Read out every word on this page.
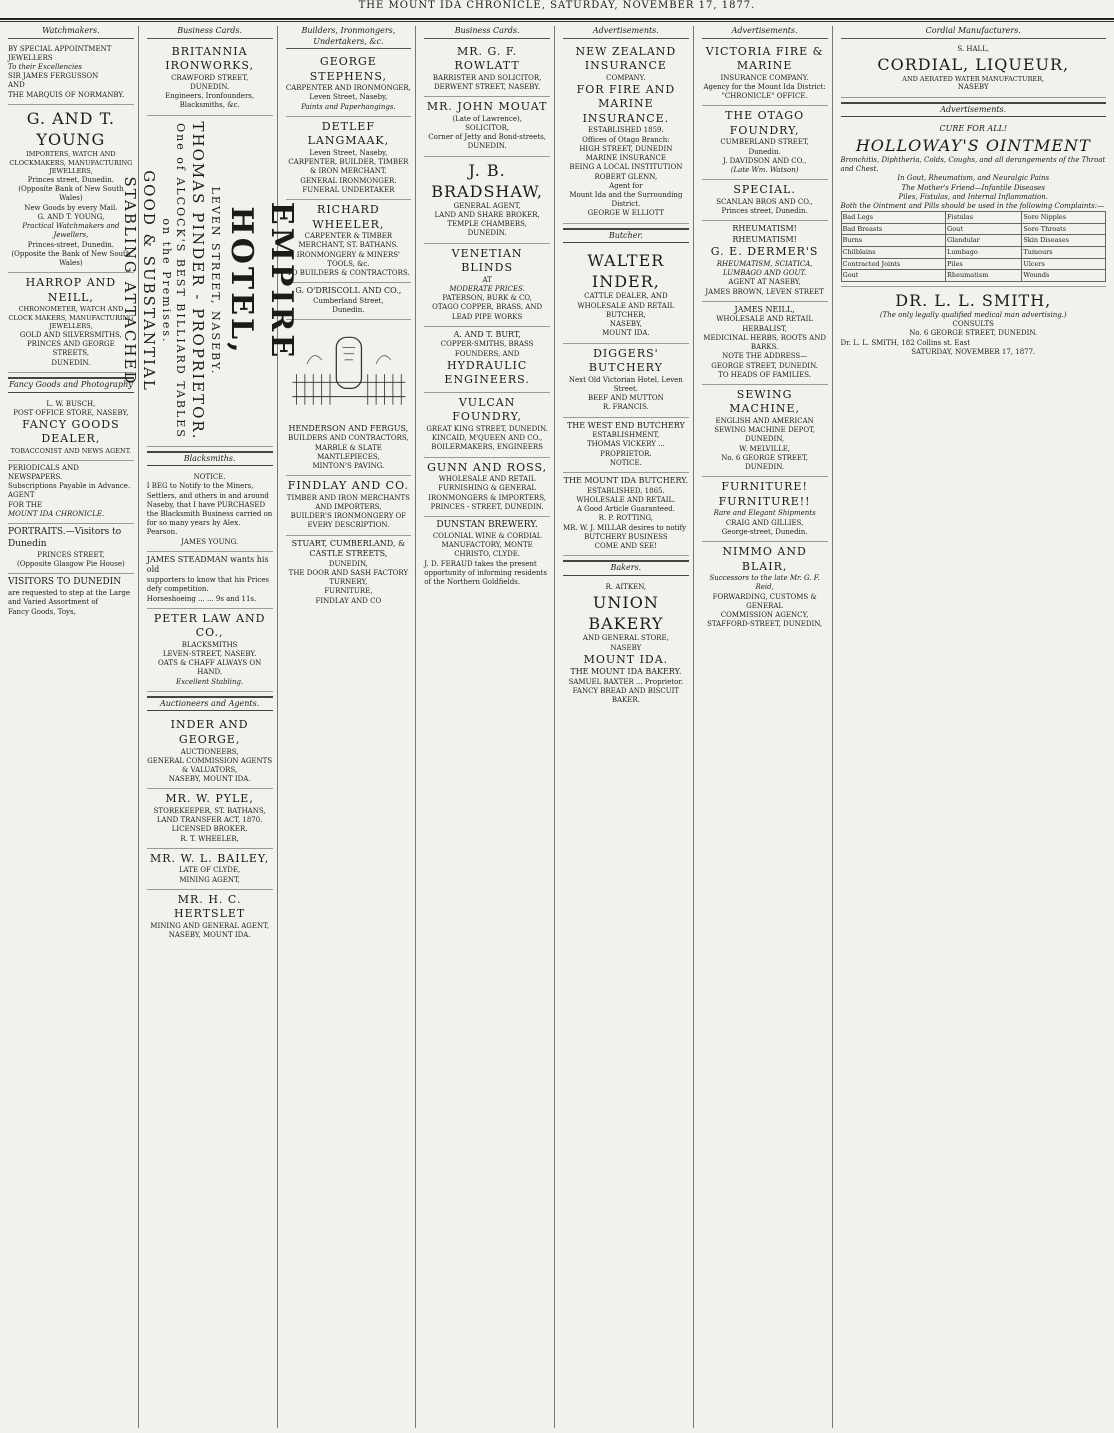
THE MOUNT IDA CHRONICLE, SATURDAY, NOVEMBER 17, 1877.
Watchmakers.
BY SPECIAL APPOINTMENT
JEWELLERS
To their Excellencies
SIR JAMES FERGUSSON
AND
THE MARQUIS OF NORMANBY.
G. AND T. YOUNG
IMPORTERS, WATCH AND CLOCKMAKERS, MANUFACTURING JEWELLERS,
Princes street, Dunedin.
(Opposite Bank of New South Wales)
New Goods by every Mail.
G. AND T. YOUNG,
Practical Watchmakers and Jewellers,
Princes-street, Dunedin.
(Opposite the Bank of New South Wales)
HARROP AND NEILL,
CHRONOMETER, WATCH AND CLOCK MAKERS, MANUFACTURING JEWELLERS,
GOLD AND SILVERSMITHS,
PRINCES AND GEORGE STREETS,
DUNEDIN.
Fancy Goods and Photography
L. W. BUSCH,
POST OFFICE STORE, NASEBY,
FANCY GOODS DEALER,
TOBACCONIST AND NEWS AGENT.
PERIODICALS AND NEWSPAPERS.
Subscriptions Payable in Advance.
AGENT
FOR THE
MOUNT IDA CHRONICLE.
PORTRAITS.—Visitors to Dunedin
PRINCES STREET,
(Opposite Glasgow Pie House)
VISITORS TO DUNEDIN
are requested to step at the Large and Varied Assortment of
Fancy Goods, Toys,
Business Cards.
BRITANNIA IRONWORKS,
CRAWFORD STREET,
DUNEDIN.
Engineers, Ironfounders, Blacksmiths, &c.
EMPIRE HOTEL,
LEVEN STREET, NASEBY.
THOMAS PINDER - PROPRIETOR.
One of ALCOCK'S BEST BILLIARD TABLES on the Premises.
GOOD & SUBSTANTIAL STABLING ATTACHED
Blacksmiths.
NOTICE.
I BEG to Notify to the Miners, Settlers, and others in and around Naseby, that I have PURCHASED the Blacksmith Business carried on for so many years by Alex. Pearson.
JAMES YOUNG.
JAMES STEADMAN wants his old
supporters to know that his Prices defy competition.
Horseshoeing ... ... 9s and 11s.
PETER LAW AND CO.,
BLACKSMITHS
LEVEN-STREET, NASEBY.
OATS & CHAFF ALWAYS ON HAND.
Excellent Stabling.
Auctioneers and Agents.
INDER AND GEORGE,
AUCTIONEERS,
GENERAL COMMISSION AGENTS & VALUATORS,
NASEBY, MOUNT IDA.
MR. W. PYLE,
STOREKEEPER, ST. BATHANS,
LAND TRANSFER ACT, 1870.
LICENSED BROKER.
R. T. WHEELER,
MR. W. L. BAILEY,
LATE OF CLYDE,
MINING AGENT,
MR. H. C. HERTSLET
MINING AND GENERAL AGENT,
NASEBY, MOUNT IDA.
Builders, Ironmongers, Undertakers, &c.
GEORGE STEPHENS,
CARPENTER AND IRONMONGER,
Leven Street, Naseby,
Paints and Paperhangings.
DETLEF LANGMAAK,
Leven Street, Naseby,
CARPENTER, BUILDER, TIMBER & IRON MERCHANT.
GENERAL IRONMONGER.
FUNERAL UNDERTAKER
RICHARD WHEELER,
CARPENTER & TIMBER MERCHANT, ST. BATHANS.
IRONMONGERY & MINERS' TOOLS, &c.
TO BUILDERS & CONTRACTORS.
G. O'DRISCOLL AND CO.,
Cumberland Street,
Dunedin.
HENDERSON AND FERGUS,
BUILDERS AND CONTRACTORS,
MARBLE & SLATE MANTLEPIECES,
MINTON'S PAVING.
FINDLAY AND CO.
TIMBER AND IRON MERCHANTS AND IMPORTERS,
BUILDER'S IRONMONGERY OF EVERY DESCRIPTION.
STUART, CUMBERLAND, & CASTLE STREETS,
DUNEDIN,
THE DOOR AND SASH FACTORY
TURNERY,
FURNITURE,
FINDLAY AND CO
Business Cards.
MR. G. F. ROWLATT
BARRISTER AND SOLICITOR,
DERWENT STREET, NASEBY.
MR. JOHN MOUAT
(Late of Lawrence),
SOLICITOR,
Corner of Jetty and Bond-streets,
DUNEDIN.
J. B. BRADSHAW,
GENERAL AGENT,
LAND AND SHARE BROKER,
TEMPLE CHAMBERS,
DUNEDIN.
VENETIAN BLINDS
AT
MODERATE PRICES.
PATERSON, BURK & CO,
OTAGO COPPER, BRASS, AND LEAD PIPE WORKS
A. AND T. BURT,
COPPER-SMITHS, BRASS FOUNDERS, AND
HYDRAULIC ENGINEERS.
VULCAN FOUNDRY,
GREAT KING STREET, DUNEDIN.
KINCAID, M'QUEEN AND CO.,
BOILERMAKERS, ENGINEERS
GUNN AND ROSS,
WHOLESALE AND RETAIL
FURNISHING & GENERAL IRONMONGERS & IMPORTERS,
PRINCES - STREET, DUNEDIN.
DUNSTAN BREWERY.
COLONIAL WINE & CORDIAL MANUFACTORY, MONTE CHRISTO, CLYDE.
J. D. FERAUD takes the present opportunity of informing residents of the Northern Goldfields.
Advertisements.
NEW ZEALAND INSURANCE
COMPANY.
FOR FIRE AND MARINE
INSURANCE.
ESTABLISHED 1859.
Offices of Otago Branch:
HIGH STREET, DUNEDIN
MARINE INSURANCE
BEING A LOCAL INSTITUTION
ROBERT GLENN,
Agent for
Mount Ida and the Surrounding District.
GEORGE W ELLIOTT
Butcher.
WALTER INDER,
CATTLE DEALER, AND WHOLESALE AND RETAIL BUTCHER,
NASEBY,
MOUNT IDA.
DIGGERS' BUTCHERY
Next Old Victorian Hotel, Leven Street.
BEEF AND MUTTON
R. FRANCIS.
THE WEST END BUTCHERY
ESTABLISHMENT,
THOMAS VICKERY ... PROPRIETOR.
NOTICE.
THE MOUNT IDA BUTCHERY.
ESTABLISHED, 1865.
WHOLESALE AND RETAIL.
A Good Article Guaranteed.
R. P. ROTTING,
MR. W. J. MILLAR desires to notify
BUTCHERY BUSINESS
COME AND SEE!
Bakers.
R. AITKEN,
UNION BAKERY
AND GENERAL STORE,
NASEBY
MOUNT IDA.
THE MOUNT IDA BAKERY.
SAMUEL BAXTER ... Proprietor.
FANCY BREAD AND BISCUIT BAKER.
Advertisements.
VICTORIA FIRE & MARINE
INSURANCE COMPANY.
Agency for the Mount Ida District:
"CHRONICLE" OFFICE.
THE OTAGO FOUNDRY,
CUMBERLAND STREET,
Dunedin.
J. DAVIDSON AND CO.,
(Late Wm. Watson)
SPECIAL.
SCANLAN BROS AND CO.,
Princes street, Dunedin.
RHEUMATISM! RHEUMATISM!
G. E. DERMER'S
RHEUMATISM, SCIATICA, LUMBAGO AND GOUT.
AGENT AT NASEBY,
JAMES BROWN, LEVEN STREET
JAMES NEILL,
WHOLESALE AND RETAIL HERBALIST,
MEDICINAL HERBS, ROOTS AND BARKS.
NOTE THE ADDRESS—
GEORGE STREET, DUNEDIN.
TO HEADS OF FAMILIES.
SEWING MACHINE,
ENGLISH AND AMERICAN SEWING MACHINE DEPOT, DUNEDIN,
W. MELVILLE,
No. 6 GEORGE STREET, DUNEDIN.
FURNITURE! FURNITURE!!
Rare and Elegant Shipments
CRAIG AND GILLIES,
George-street, Dunedin.
NIMMO AND BLAIR,
Successors to the late Mr. G. F. Reid,
FORWARDING, CUSTOMS & GENERAL
COMMISSION AGENCY,
STAFFORD-STREET, DUNEDIN,
Cordial Manufacturers.
S. HALL,
CORDIAL, LIQUEUR,
AND AERATED WATER MANUFACTURER,
NASEBY
Advertisements.
CURE FOR ALL!
HOLLOWAY'S OINTMENT
Bronchitis, Diphtheria, Colds, Coughs, and all derangements of the Throat and Chest.
In Gout, Rheumatism, and Neuralgic Pains
The Mother's Friend—Infantile Diseases
Piles, Fistulas, and Internal Inflammation.
Both the Ointment and Pills should be used in the following Complaints:—
Bad Legs	Fistulas	Sore Nipples
Bad Breasts	Gout	Sore Throats
Burns	Glandular	Skin Diseases
Chilblains	Lumbago	Tumours
Contracted Joints	Piles	Ulcers
Gout	Rheumatism	Wounds
DR. L. L. SMITH,
(The only legally qualified medical man advertising.)
CONSULTS
No. 6 GEORGE STREET, DUNEDIN.
Dr. L. L. SMITH, 182 Collins st. East
SATURDAY, NOVEMBER 17, 1877.
